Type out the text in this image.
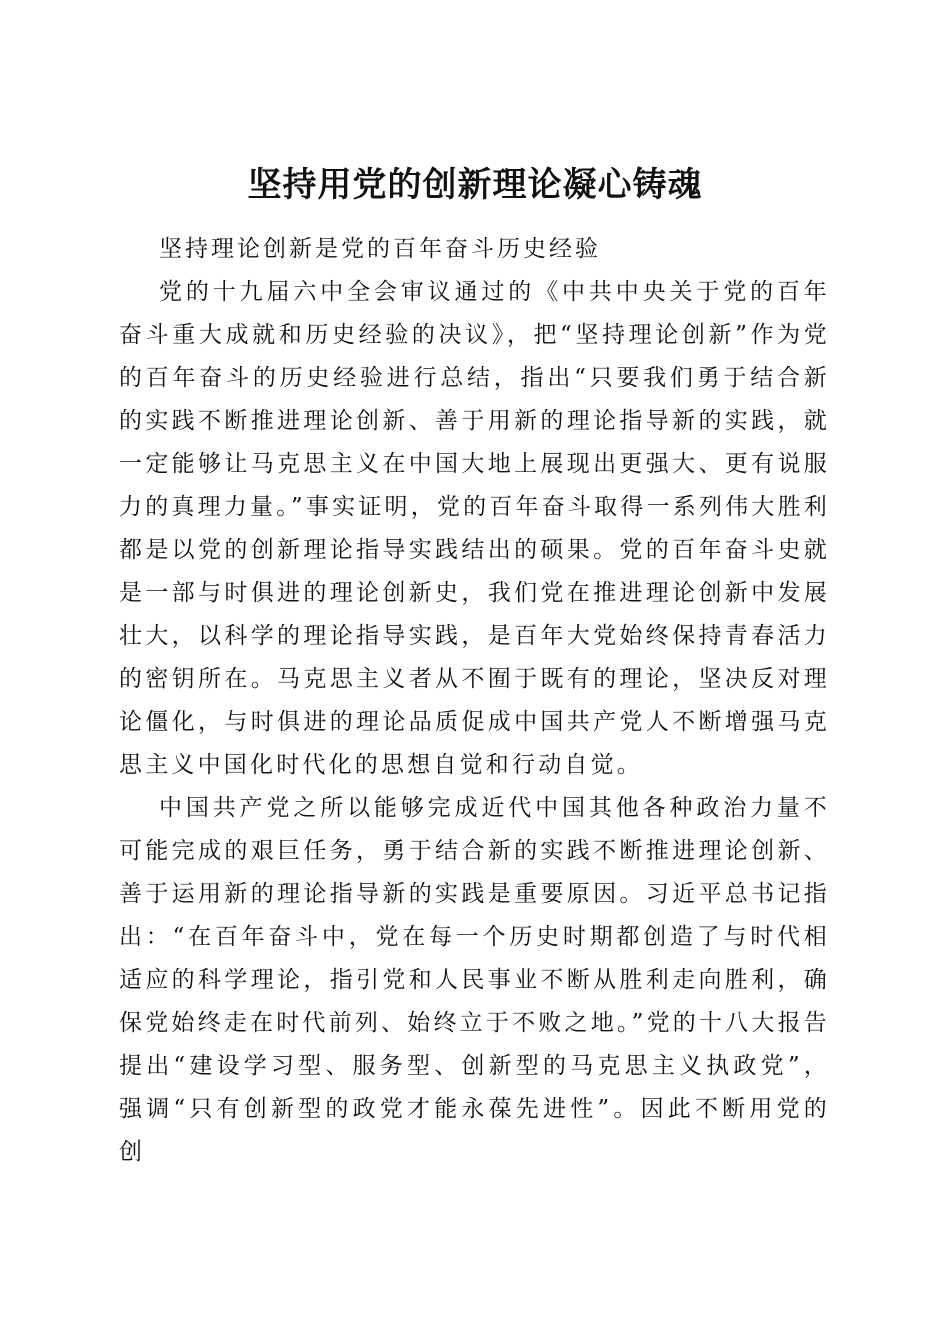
坚持用党的创新理论凝心铸魂

坚持理论创新是党的百年奋斗历史经验

党的十九届六中全会审议通过的《中共中央关于党的百年奋斗重大成就和历史经验的决议》，把“坚持理论创新”作为党的百年奋斗的历史经验进行总结，指出“只要我们勇于结合新的实践不断推进理论创新、善于用新的理论指导新的实践，就一定能够让马克思主义在中国大地上展现出更强大、更有说服力的真理力量。”事实证明，党的百年奋斗取得一系列伟大胜利都是以党的创新理论指导实践结出的硕果。党的百年奋斗史就是一部与时俱进的理论创新史，我们党在推进理论创新中发展壮大，以科学的理论指导实践，是百年大党始终保持青春活力的密钥所在。马克思主义者从不囿于既有的理论，坚决反对理论僵化，与时俱进的理论品质促成中国共产党人不断增强马克思主义中国化时代化的思想自觉和行动自觉。

中国共产党之所以能够完成近代中国其他各种政治力量不可能完成的艰巨任务，勇于结合新的实践不断推进理论创新、善于运用新的理论指导新的实践是重要原因。习近平总书记指出：“在百年奋斗中，党在每一个历史时期都创造了与时代相适应的科学理论，指引党和人民事业不断从胜利走向胜利，确保党始终走在时代前列、始终立于不败之地。”党的十八大报告提出“建设学习型、服务型、创新型的马克思主义执政党”，强调“只有创新型的政党才能永葆先进性”。因此不断用党的创
